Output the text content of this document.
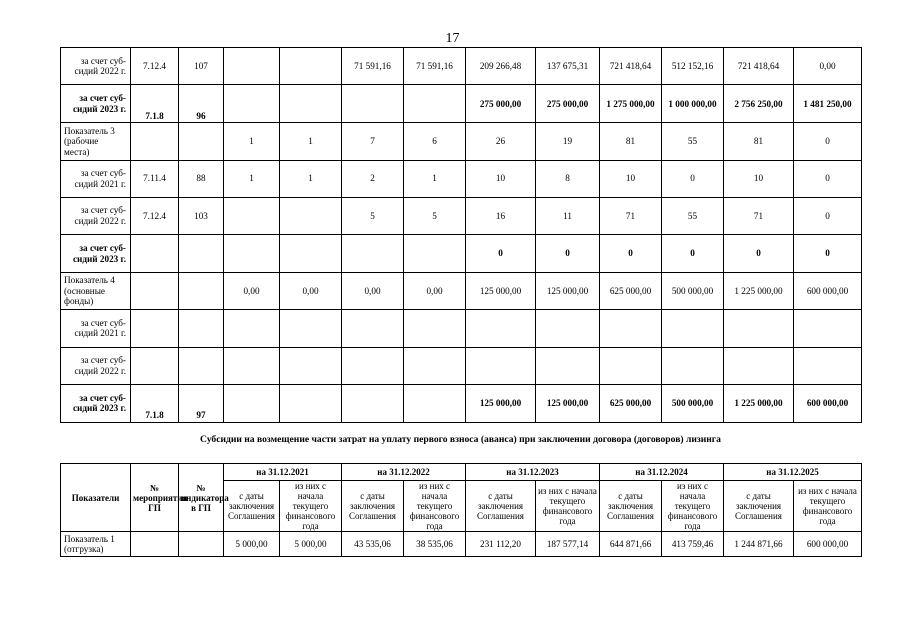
17
за счет суб-сидий 2022 г.	7.12.4	107			71 591,16	71 591,16	209 266,48	137 675,31	721 418,64	512 152,16	721 418,64	0,00
за счет суб-сидий 2023 г.	7.1.8	96					275 000,00	275 000,00	1 275 000,00	1 000 000,00	2 756 250,00	1 481 250,00
Показатель 3 (рабочие места)			1	1	7	6	26	19	81	55	81	0
за счет суб-сидий 2021 г.	7.11.4	88	1	1	2	1	10	8	10	0	10	0
за счет суб-сидий 2022 г.	7.12.4	103			5	5	16	11	71	55	71	0
за счет суб-сидий 2023 г.							0	0	0	0	0	0
Показатель 4 (основные фонды)			0,00	0,00	0,00	0,00	125 000,00	125 000,00	625 000,00	500 000,00	1 225 000,00	600 000,00
за счет суб-сидий 2021 г.												
за счет суб-сидий 2022 г.												
за счет суб-сидий 2023 г.	7.1.8	97					125 000,00	125 000,00	625 000,00	500 000,00	1 225 000,00	600 000,00
Субсидии на возмещение части затрат на уплату первого взноса (аванса) при заключении договора (договоров) лизинга
Показатели	№ мероприятия ГП	№ индикатора в ГП	на 31.12.2021		на 31.12.2022		на 31.12.2023		на 31.12.2024		на 31.12.2025	
			с даты заключения Соглашения	из них с начала текущего финансового года	с даты заключения Соглашения	из них с начала текущего финансового года	с даты заключения Соглашения	из них с начала текущего финансового года	с даты заключения Соглашения	из них с начала текущего финансового года	с даты заключения Соглашения	из них с начала текущего финансового года
Показатель 1 (отгрузка)			5 000,00	5 000,00	43 535,06	38 535,06	231 112,20	187 577,14	644 871,66	413 759,46	1 244 871,66	600 000,00
